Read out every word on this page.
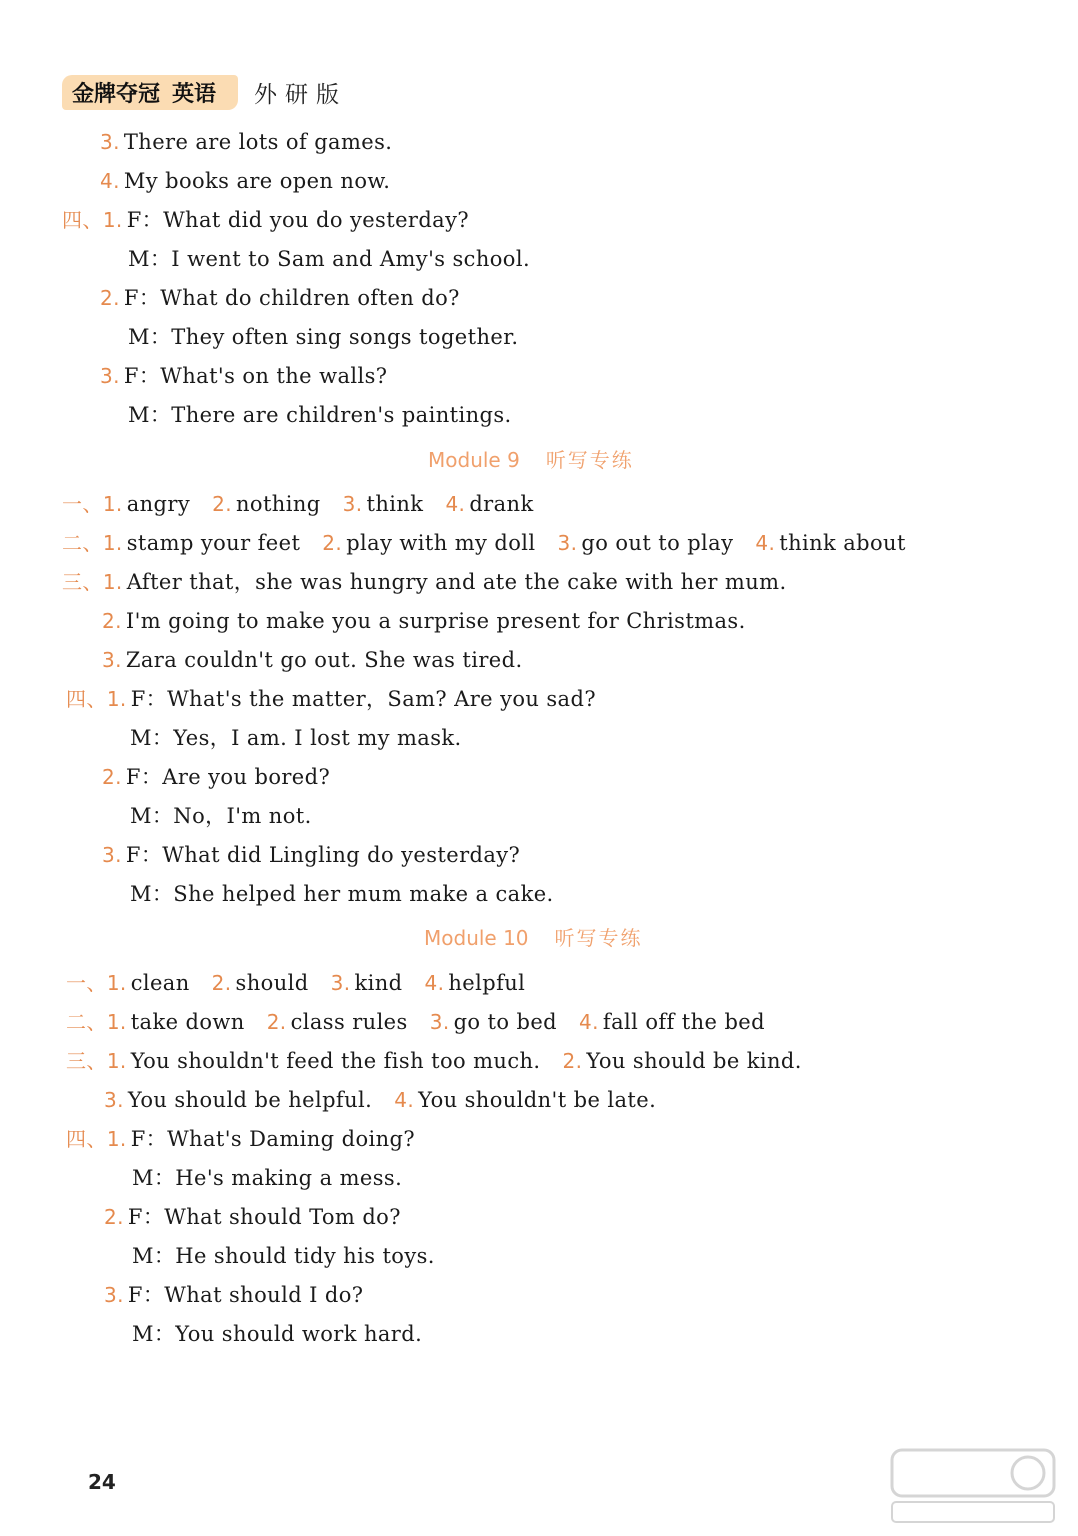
金牌夺冠 英语 外研版
3. There are lots of games.
4. My books are open now.
四、1. F：What did you do yesterday?
M：I went to Sam and Amy's school.
2. F：What do children often do?
M：They often sing songs together.
3. F：What's on the walls?
M：There are children's paintings.
一、1. angry 2. nothing 3. think 4. drank
二、1. stamp your feet 2. play with my doll 3. go out to play 4. think about
三、1. After that，she was hungry and ate the cake with her mum.
2. I'm going to make you a surprise present for Christmas.
3. Zara couldn't go out. She was tired.
四、1. F：What's the matter，Sam? Are you sad?
M：Yes，I am. I lost my mask.
2. F：Are you bored?
M：No，I'm not.
3. F：What did Lingling do yesterday?
M：She helped her mum make a cake.
一、1. clean 2. should 3. kind 4. helpful
二、1. take down 2. class rules 3. go to bed 4. fall off the bed
三、1. You shouldn't feed the fish too much. 2. You should be kind.
3. You should be helpful. 4. You shouldn't be late.
四、1. F：What's Daming doing?
M：He's making a mess.
2. F：What should Tom do?
M：He should tidy his toys.
3. F：What should I do?
M：You should work hard.
Module 9 听写专练
Module 10 听写专练
24
